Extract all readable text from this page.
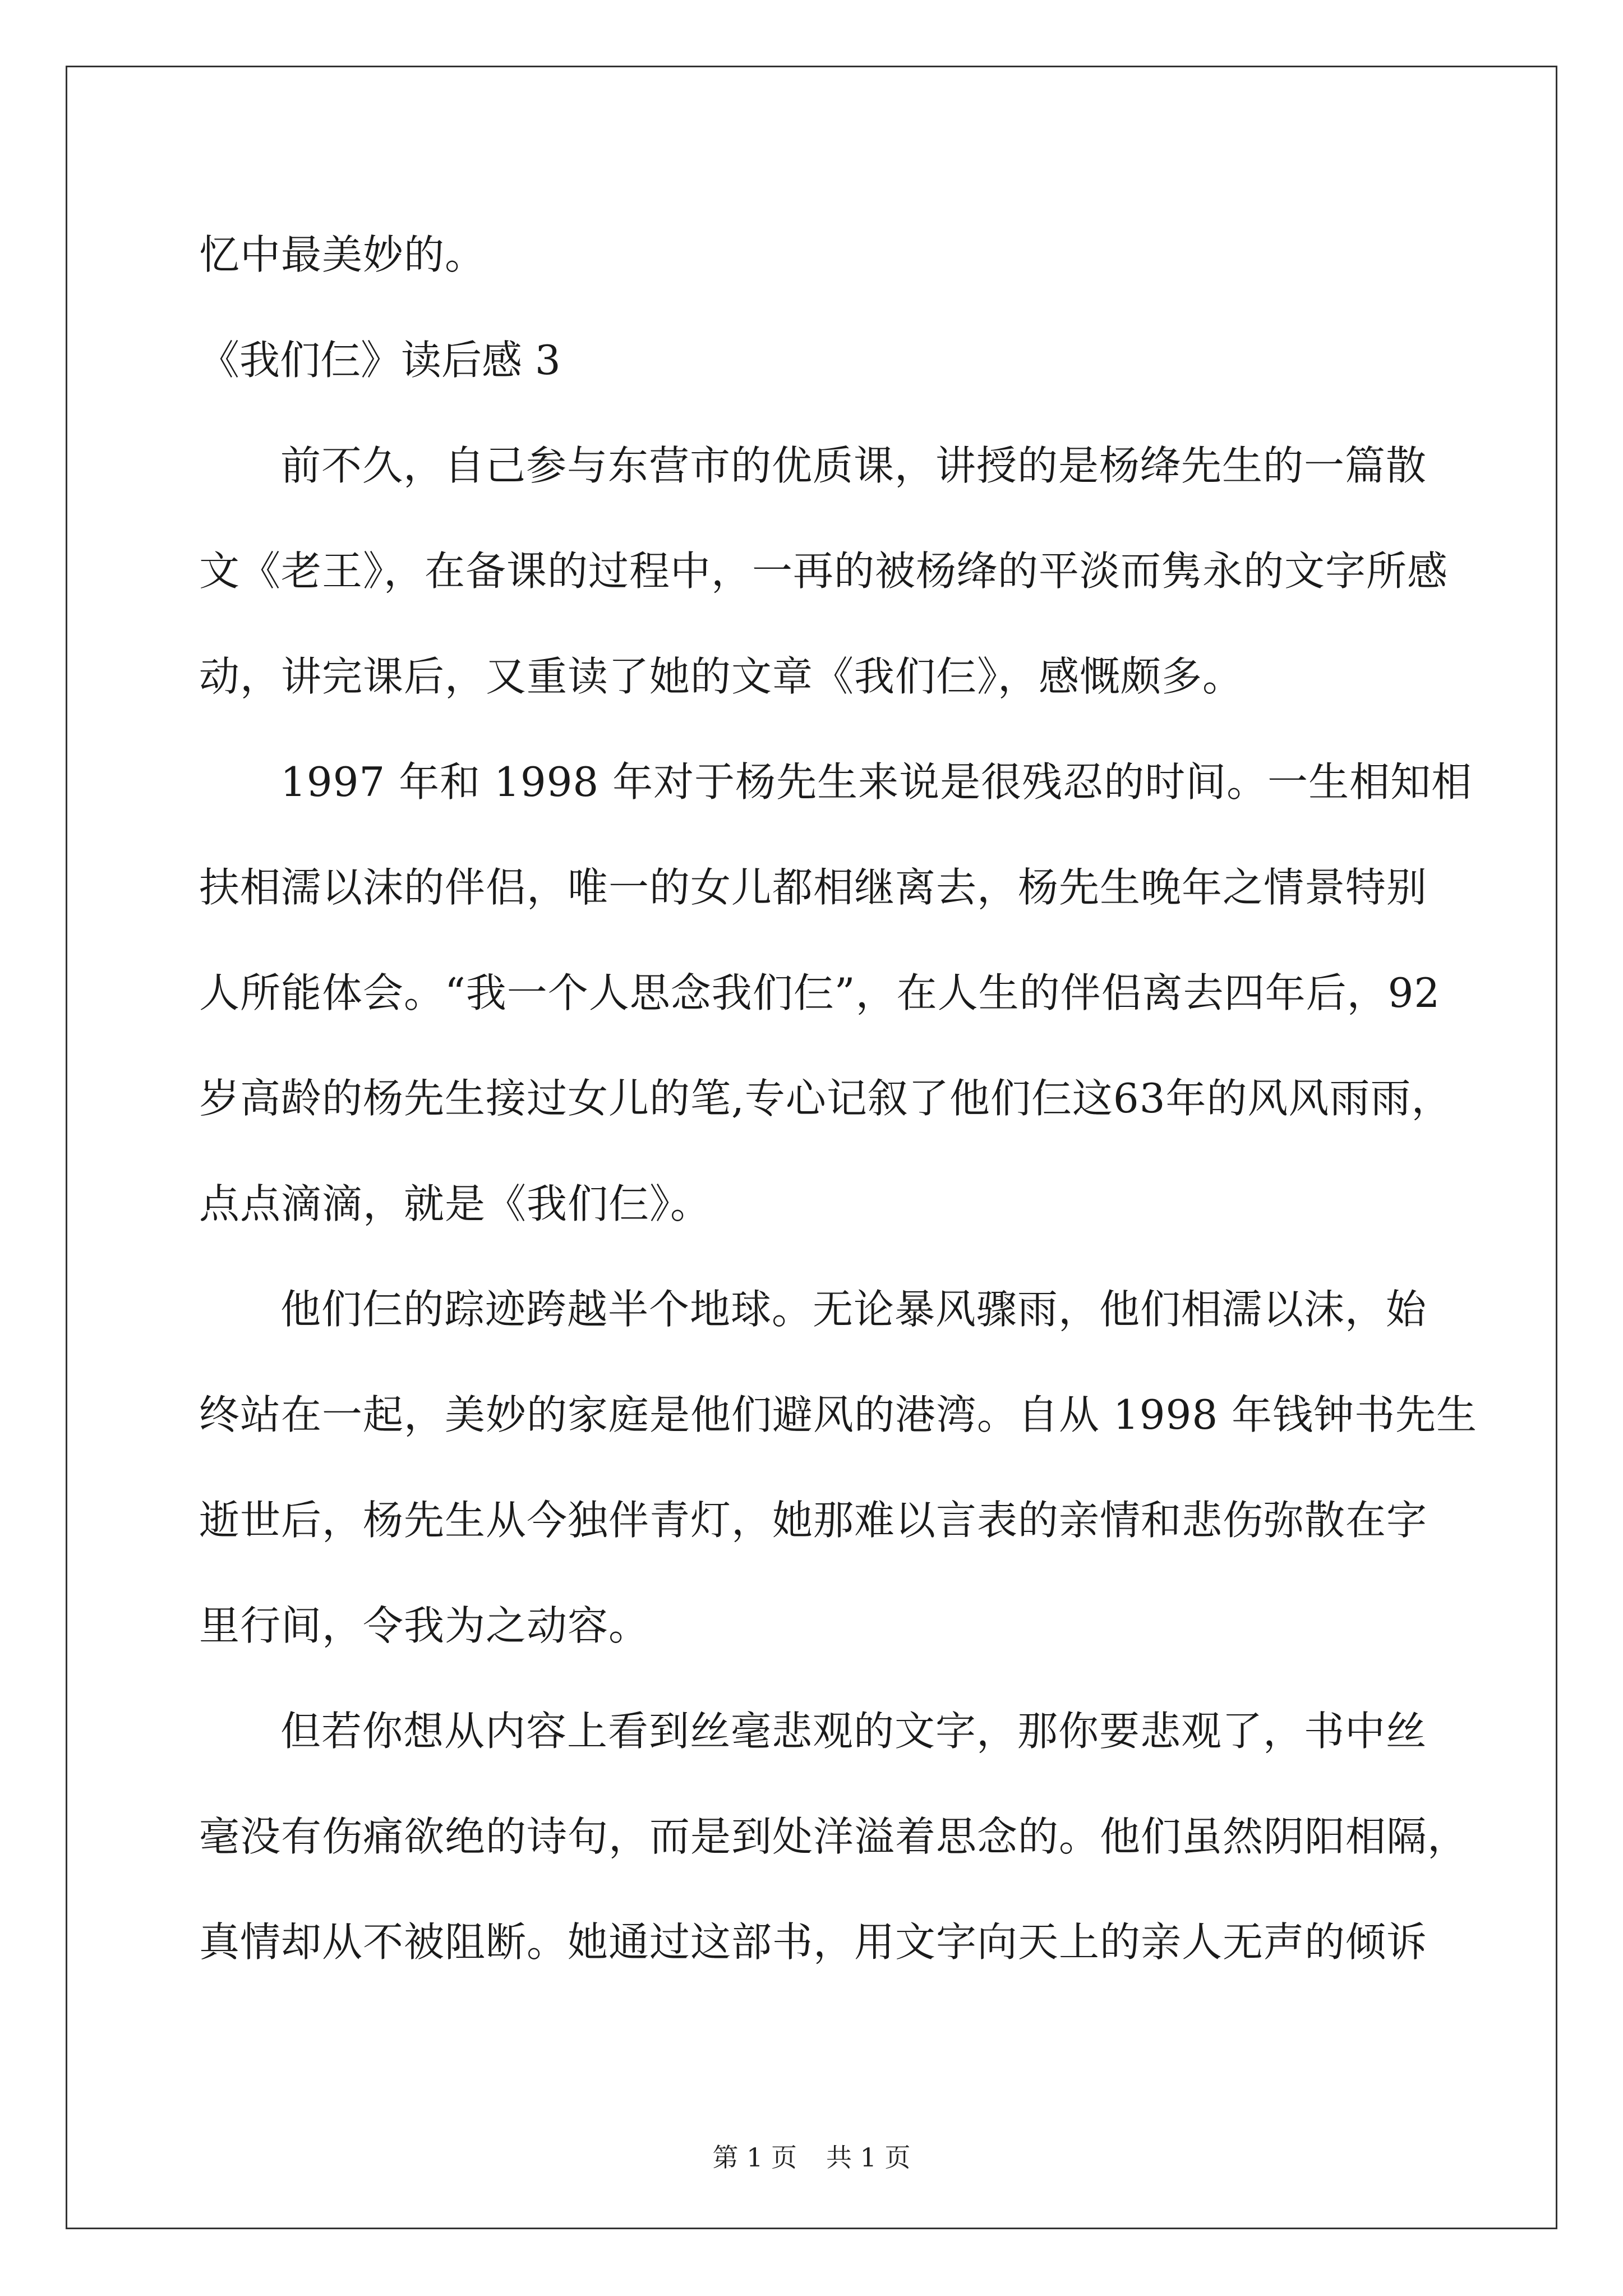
忆中最美妙的。
《我们仨》读后感 3
前不久，自己参与东营市的优质课，讲授的是杨绛先生的一篇散
文《老王》，在备课的过程中，一再的被杨绛的平淡而隽永的文字所感
动，讲完课后，又重读了她的文章《我们仨》，感慨颇多。
1997 年和 1998 年对于杨先生来说是很残忍的时间。一生相知相
扶相濡以沫的伴侣，唯一的女儿都相继离去，杨先生晚年之情景特别
人所能体会。“我一个人思念我们仨”，在人生的伴侣离去四年后，92
岁高龄的杨先生接过女儿的笔,专心记叙了他们仨这63年的风风雨雨，
点点滴滴，就是《我们仨》。
他们仨的踪迹跨越半个地球。无论暴风骤雨，他们相濡以沫，始
终站在一起，美妙的家庭是他们避风的港湾。自从 1998 年钱钟书先生
逝世后，杨先生从今独伴青灯，她那难以言表的亲情和悲伤弥散在字
里行间，令我为之动容。
但若你想从内容上看到丝毫悲观的文字，那你要悲观了，书中丝
毫没有伤痛欲绝的诗句，而是到处洋溢着思念的。他们虽然阴阳相隔，
真情却从不被阻断。她通过这部书，用文字向天上的亲人无声的倾诉
第 1 页 共 1 页
